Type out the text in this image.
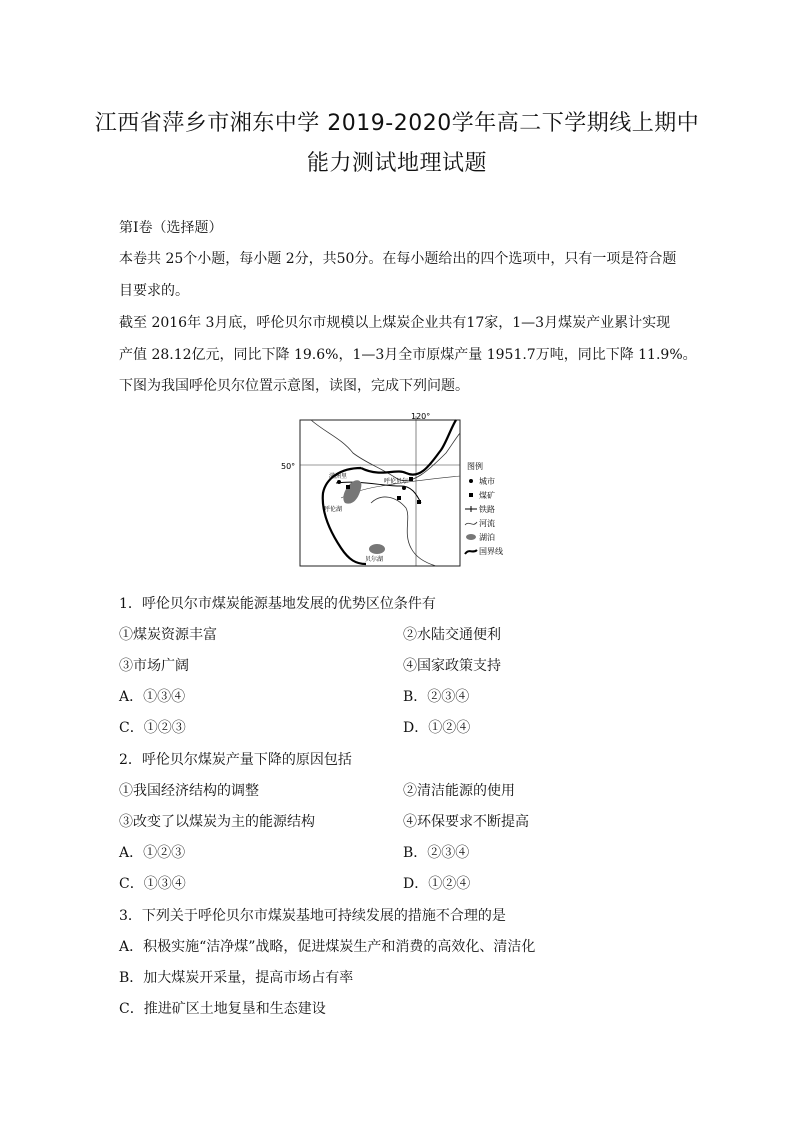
江西省萍乡市湘东中学 2019-2020学年高二下学期线上期中
能力测试地理试题
第Ⅰ卷（选择题）
本卷共 25个小题，每小题 2分，共50分。在每小题给出的四个选项中，只有一项是符合题
目要求的。
截至 2016年 3月底，呼伦贝尔市规模以上煤炭企业共有17家，1—3月煤炭产业累计实现
产值 28.12亿元，同比下降 19.6%，1—3月全市原煤产量 1951.7万吨，同比下降 11.9%。
下图为我国呼伦贝尔位置示意图，读图，完成下列问题。
120°
50°
满洲里
呼伦贝尔
呼伦湖
贝尔湖
图例
城市
煤矿
铁路
河流
湖泊
国界线
1．呼伦贝尔市煤炭能源基地发展的优势区位条件有
①煤炭资源丰富	②水陆交通便利
③市场广阔	④国家政策支持
A．①③④	B．②③④
C．①②③	D．①②④
2．呼伦贝尔煤炭产量下降的原因包括
①我国经济结构的调整	②清洁能源的使用
③改变了以煤炭为主的能源结构	④环保要求不断提高
A．①②③	B．②③④
C．①③④	D．①②④
3．下列关于呼伦贝尔市煤炭基地可持续发展的措施不合理的是
A．积极实施“洁净煤”战略，促进煤炭生产和消费的高效化、清洁化
B．加大煤炭开采量，提高市场占有率
C．推进矿区土地复垦和生态建设
